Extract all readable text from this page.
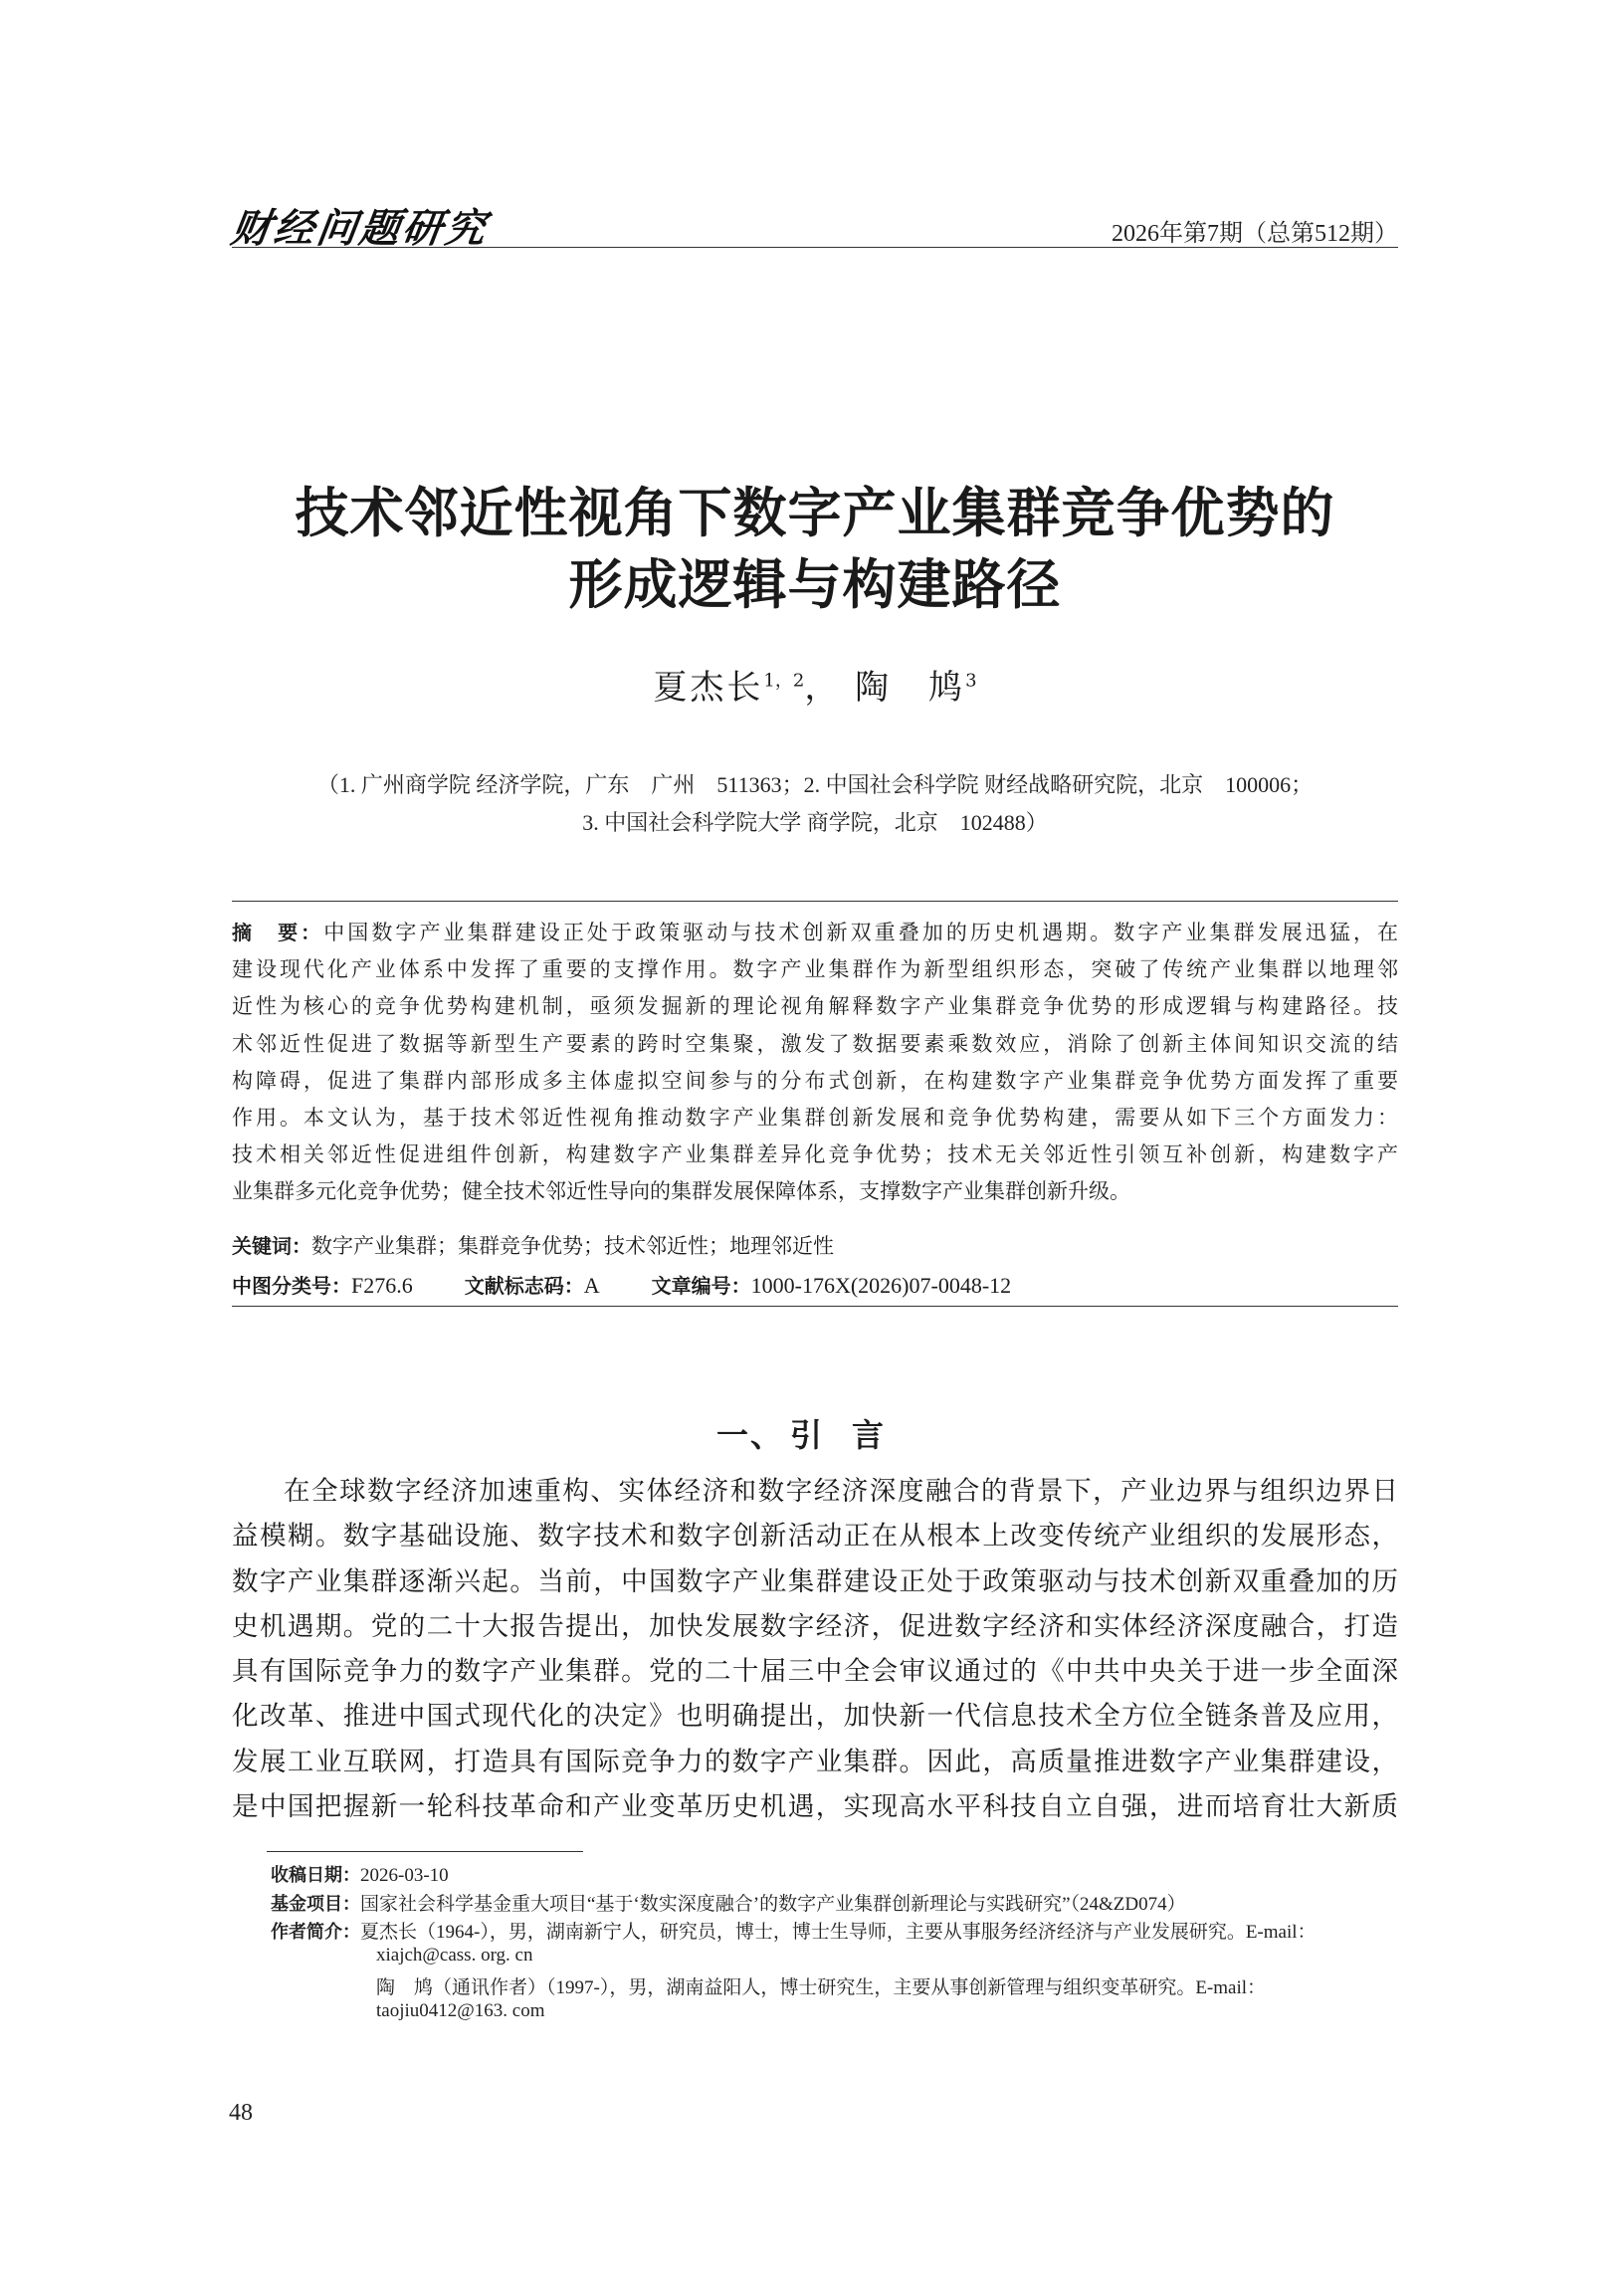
财经问题研究	2026年第7期（总第512期）
技术邻近性视角下数字产业集群竞争优势的
形成逻辑与构建路径
夏杰长$^{1,2}$， 陶　鸠$^3$
（1. 广州商学院 经济学院，广东　广州　511363；2. 中国社会科学院 财经战略研究院，北京　100006；
3. 中国社会科学院大学 商学院，北京　102488）
摘　要：中国数字产业集群建设正处于政策驱动与技术创新双重叠加的历史机遇期。数字产业集群发展迅猛，在
建设现代化产业体系中发挥了重要的支撑作用。数字产业集群作为新型组织形态，突破了传统产业集群以地理邻
近性为核心的竞争优势构建机制，亟须发掘新的理论视角解释数字产业集群竞争优势的形成逻辑与构建路径。技
术邻近性促进了数据等新型生产要素的跨时空集聚，激发了数据要素乘数效应，消除了创新主体间知识交流的结
构障碍，促进了集群内部形成多主体虚拟空间参与的分布式创新，在构建数字产业集群竞争优势方面发挥了重要
作用。本文认为，基于技术邻近性视角推动数字产业集群创新发展和竞争优势构建，需要从如下三个方面发力：
技术相关邻近性促进组件创新，构建数字产业集群差异化竞争优势；技术无关邻近性引领互补创新，构建数字产
业集群多元化竞争优势；健全技术邻近性导向的集群发展保障体系，支撑数字产业集群创新升级。
关键词：数字产业集群；集群竞争优势；技术邻近性；地理邻近性
中图分类号：F276.6	文献标志码：A	文章编号：1000-176X(2026)07-0048-12
一、 引言
在全球数字经济加速重构、实体经济和数字经济深度融合的背景下，产业边界与组织边界日
益模糊。数字基础设施、数字技术和数字创新活动正在从根本上改变传统产业组织的发展形态，
数字产业集群逐渐兴起。当前，中国数字产业集群建设正处于政策驱动与技术创新双重叠加的历
史机遇期。党的二十大报告提出，加快发展数字经济，促进数字经济和实体经济深度融合，打造
具有国际竞争力的数字产业集群。党的二十届三中全会审议通过的《中共中央关于进一步全面深
化改革、推进中国式现代化的决定》也明确提出，加快新一代信息技术全方位全链条普及应用，
发展工业互联网，打造具有国际竞争力的数字产业集群。因此，高质量推进数字产业集群建设，
是中国把握新一轮科技革命和产业变革历史机遇，实现高水平科技自立自强，进而培育壮大新质
收稿日期：2026-03-10
基金项目：国家社会科学基金重大项目“基于‘数实深度融合’的数字产业集群创新理论与实践研究”（24&ZD074）
作者简介：夏杰长（1964-），男，湖南新宁人，研究员，博士，博士生导师，主要从事服务经济经济与产业发展研究。E-mail：
xiajch@cass. org. cn
陶　鸠（通讯作者）（1997-），男，湖南益阳人，博士研究生，主要从事创新管理与组织变革研究。E-mail：
taojiu0412@163. com
48
